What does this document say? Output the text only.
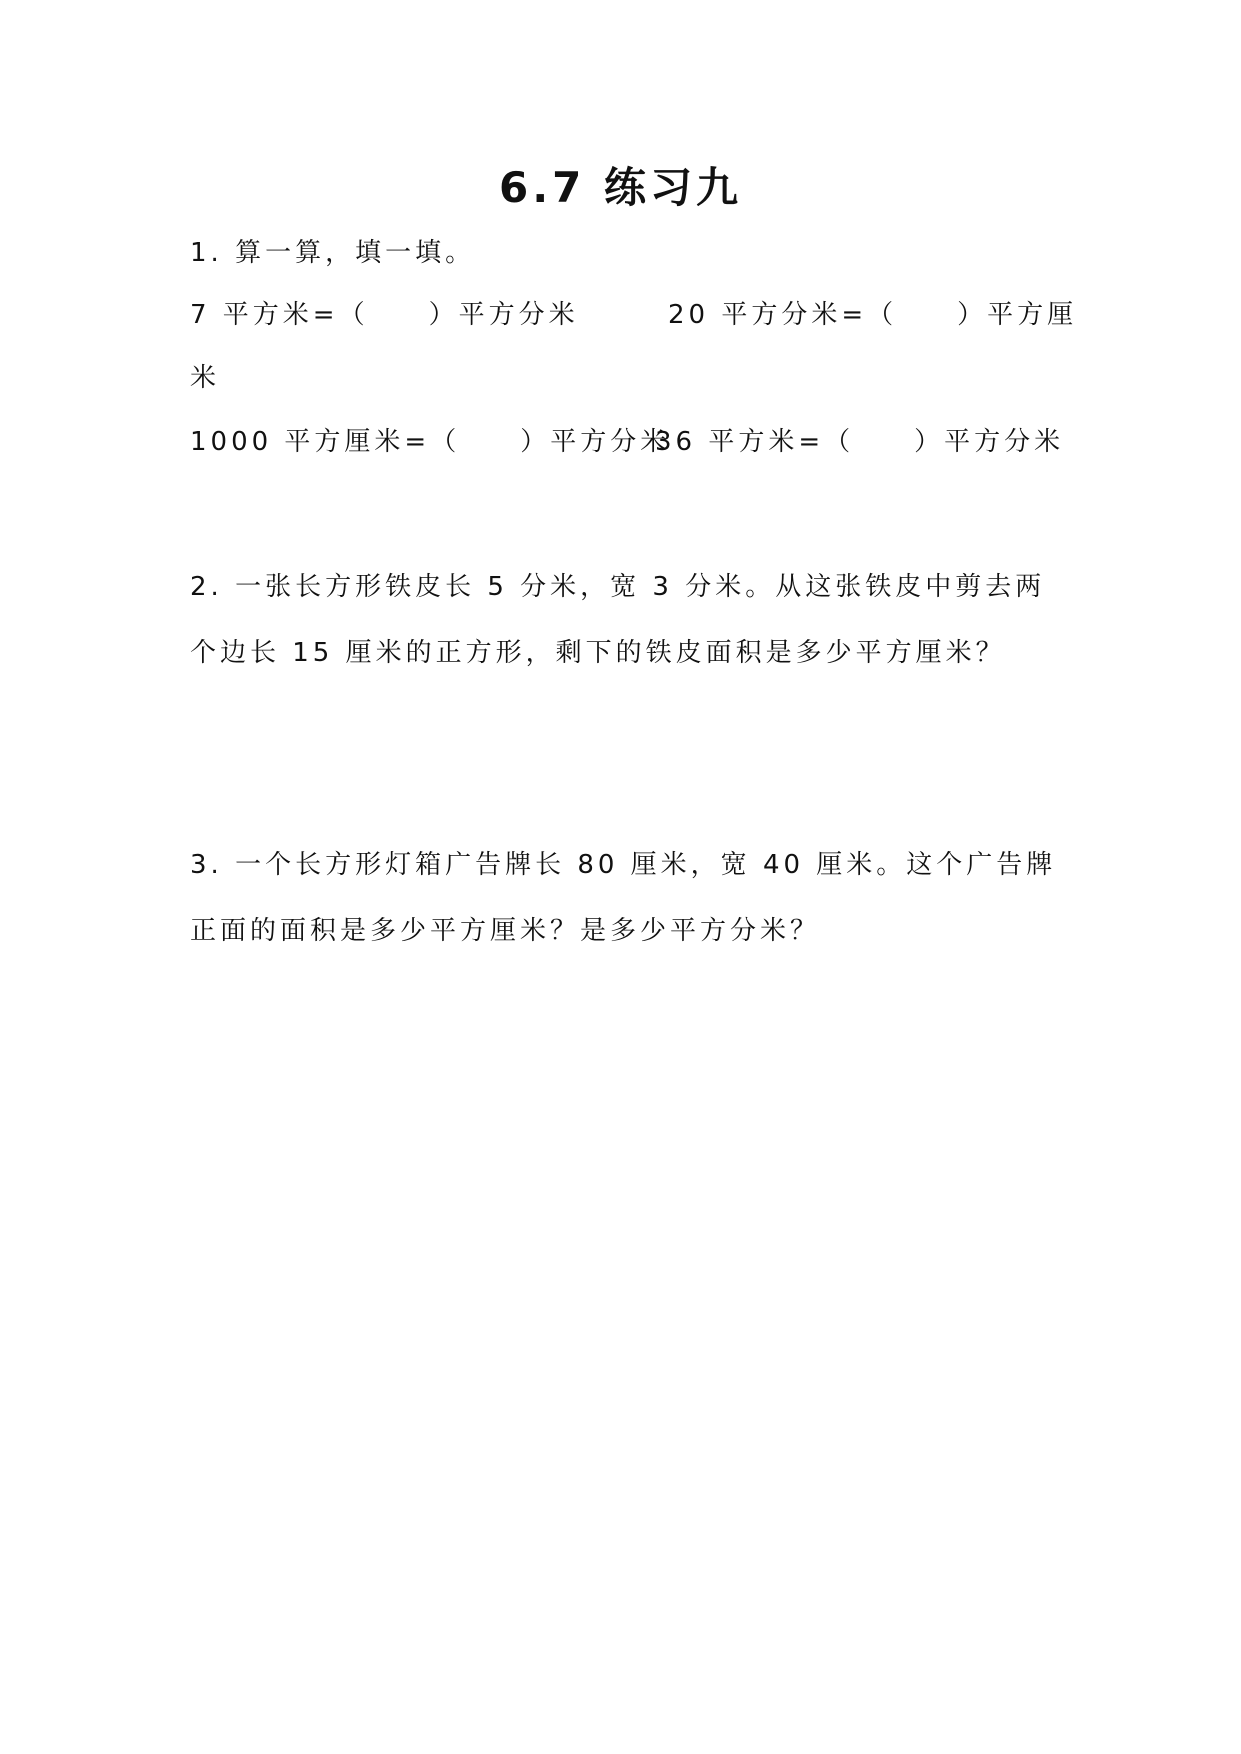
6.7 练习九
1. 算一算，填一填。
7 平方米=（　　）平方分米	20 平方分米=（　　）平方厘
米
1000 平方厘米=（　　）平方分米
36 平方米=（　　）平方分米
2. 一张长方形铁皮长 5 分米，宽 3 分米。从这张铁皮中剪去两个边长 15 厘米的正方形，剩下的铁皮面积是多少平方厘米？
3. 一个长方形灯箱广告牌长 80 厘米，宽 40 厘米。这个广告牌正面的面积是多少平方厘米？是多少平方分米？
